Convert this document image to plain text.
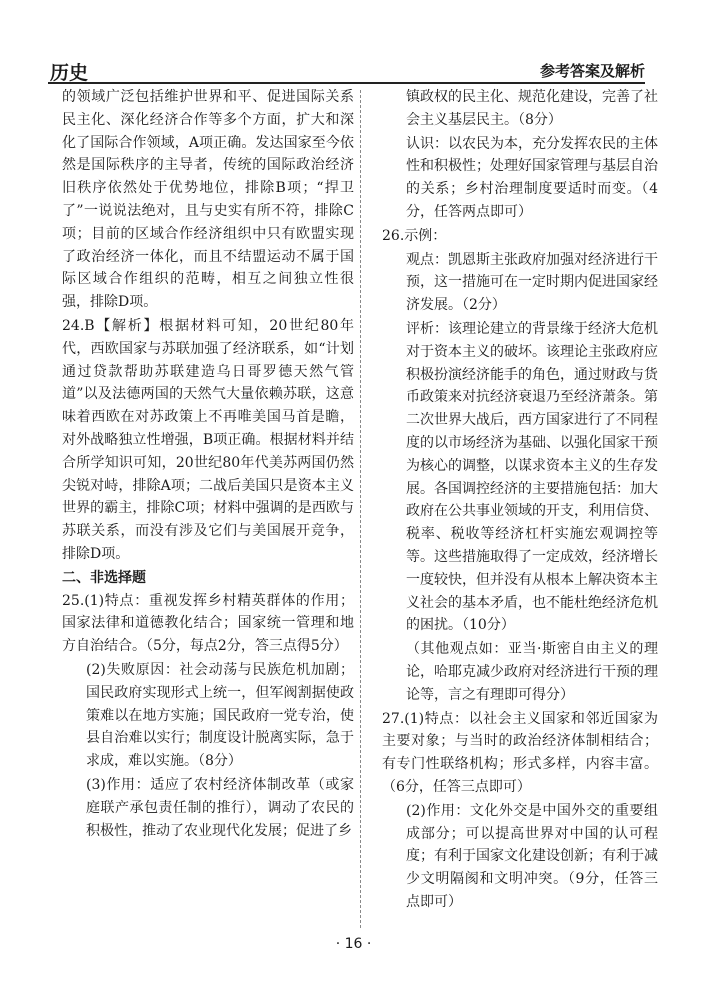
历史	参考答案及解析

的领域广泛包括维护世界和平、促进国际关系民主化、深化经济合作等多个方面，扩大和深化了国际合作领域，A项正确。发达国家至今依然是国际秩序的主导者，传统的国际政治经济旧秩序依然处于优势地位，排除B项；“捍卫了”一说说法绝对，且与史实有所不符，排除C项；目前的区域合作经济组织中只有欧盟实现了政治经济一体化，而且不结盟运动不属于国际区域合作组织的范畴，相互之间独立性很强，排除D项。

24.B【解析】根据材料可知，20世纪80年代，西欧国家与苏联加强了经济联系，如“计划通过贷款帮助苏联建造乌日哥罗德天然气管道”以及法德两国的天然气大量依赖苏联，这意味着西欧在对苏政策上不再唯美国马首是瞻，对外战略独立性增强，B项正确。根据材料并结合所学知识可知，20世纪80年代美苏两国仍然尖锐对峙，排除A项；二战后美国只是资本主义世界的霸主，排除C项；材料中强调的是西欧与苏联关系，而没有涉及它们与美国展开竞争，排除D项。

二、非选择题

25.(1)特点：重视发挥乡村精英群体的作用；国家法律和道德教化结合；国家统一管理和地方自治结合。（5分，每点2分，答三点得5分）

(2)失败原因：社会动荡与民族危机加剧；国民政府实现形式上统一，但军阀割据使政策难以在地方实施；国民政府一党专治，使县自治难以实行；制度设计脱离实际，急于求成，难以实施。（8分）

(3)作用：适应了农村经济体制改革（或家庭联产承包责任制的推行），调动了农民的积极性，推动了农业现代化发展；促进了乡

镇政权的民主化、规范化建设，完善了社会主义基层民主。（8分）

认识：以农民为本，充分发挥农民的主体性和积极性；处理好国家管理与基层自治的关系；乡村治理制度要适时而变。（4分，任答两点即可）

26.示例：

观点：凯恩斯主张政府加强对经济进行干预，这一措施可在一定时期内促进国家经济发展。（2分）

评析：该理论建立的背景缘于经济大危机对于资本主义的破坏。该理论主张政府应积极扮演经济能手的角色，通过财政与货币政策来对抗经济衰退乃至经济萧条。第二次世界大战后，西方国家进行了不同程度的以市场经济为基础、以强化国家干预为核心的调整，以谋求资本主义的生存发展。各国调控经济的主要措施包括：加大政府在公共事业领域的开支，利用信贷、税率、税收等经济杠杆实施宏观调控等等。这些措施取得了一定成效，经济增长一度较快，但并没有从根本上解决资本主义社会的基本矛盾，也不能杜绝经济危机的困扰。（10分）

（其他观点如：亚当·斯密自由主义的理论，哈耶克减少政府对经济进行干预的理论等，言之有理即可得分）

27.(1)特点：以社会主义国家和邻近国家为主要对象；与当时的政治经济体制相结合；有专门性联络机构；形式多样，内容丰富。（6分，任答三点即可）

(2)作用：文化外交是中国外交的重要组成部分；可以提高世界对中国的认可程度；有利于国家文化建设创新；有利于减少文明隔阂和文明冲突。（9分，任答三点即可）

· 16 ·
